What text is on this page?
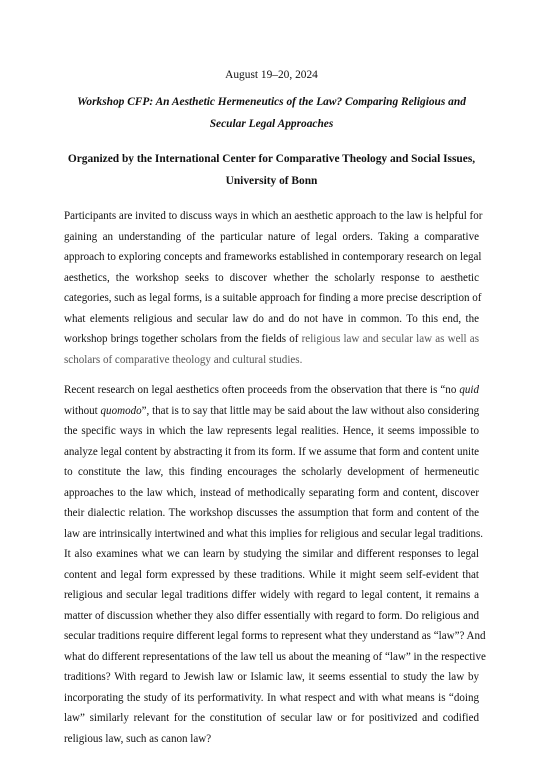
August 19–20, 2024
Workshop CFP: An Aesthetic Hermeneutics of the Law? Comparing Religious and
Secular Legal Approaches
Organized by the International Center for Comparative Theology and Social Issues,
University of Bonn
Participants are invited to discuss ways in which an aesthetic approach to the law is helpful for
gaining an understanding of the particular nature of legal orders. Taking a comparative
approach to exploring concepts and frameworks established in contemporary research on legal
aesthetics, the workshop seeks to discover whether the scholarly response to aesthetic
categories, such as legal forms, is a suitable approach for finding a more precise description of
what elements religious and secular law do and do not have in common. To this end, the
workshop brings together scholars from the fields of religious law and secular law as well as
scholars of comparative theology and cultural studies.
Recent research on legal aesthetics often proceeds from the observation that there is “no quid
without quomodo”, that is to say that little may be said about the law without also considering
the specific ways in which the law represents legal realities. Hence, it seems impossible to
analyze legal content by abstracting it from its form. If we assume that form and content unite
to constitute the law, this finding encourages the scholarly development of hermeneutic
approaches to the law which, instead of methodically separating form and content, discover
their dialectic relation. The workshop discusses the assumption that form and content of the
law are intrinsically intertwined and what this implies for religious and secular legal traditions.
It also examines what we can learn by studying the similar and different responses to legal
content and legal form expressed by these traditions. While it might seem self-evident that
religious and secular legal traditions differ widely with regard to legal content, it remains a
matter of discussion whether they also differ essentially with regard to form. Do religious and
secular traditions require different legal forms to represent what they understand as “law”? And
what do different representations of the law tell us about the meaning of “law” in the respective
traditions? With regard to Jewish law or Islamic law, it seems essential to study the law by
incorporating the study of its performativity. In what respect and with what means is “doing
law” similarly relevant for the constitution of secular law or for positivized and codified
religious law, such as canon law?
